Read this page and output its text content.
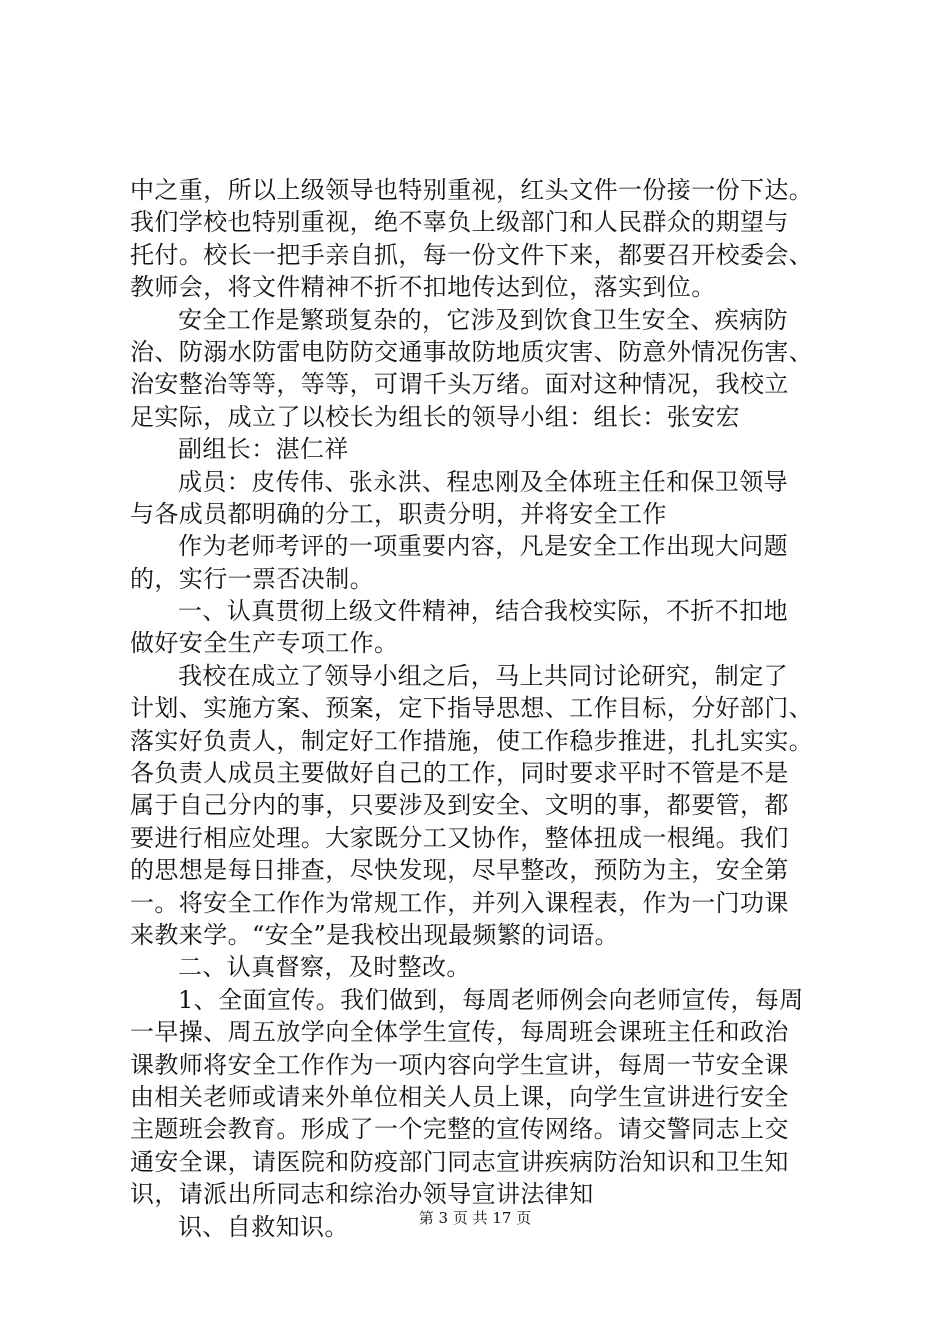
中之重，所以上级领导也特别重视，红头文件一份接一份下达。
我们学校也特别重视，绝不辜负上级部门和人民群众的期望与
托付。校长一把手亲自抓，每一份文件下来，都要召开校委会、
教师会，将文件精神不折不扣地传达到位，落实到位。
安全工作是繁琐复杂的，它涉及到饮食卫生安全、疾病防
治、防溺水防雷电防防交通事故防地质灾害、防意外情况伤害、
治安整治等等，等等，可谓千头万绪。面对这种情况，我校立
足实际，成立了以校长为组长的领导小组：组长：张安宏
副组长：湛仁祥
成员：皮传伟、张永洪、程忠刚及全体班主任和保卫领导
与各成员都明确的分工，职责分明，并将安全工作
作为老师考评的一项重要内容，凡是安全工作出现大问题
的，实行一票否决制。
一、认真贯彻上级文件精神，结合我校实际，不折不扣地
做好安全生产专项工作。
我校在成立了领导小组之后，马上共同讨论研究，制定了
计划、实施方案、预案，定下指导思想、工作目标，分好部门、
落实好负责人，制定好工作措施，使工作稳步推进，扎扎实实。
各负责人成员主要做好自己的工作，同时要求平时不管是不是
属于自己分内的事，只要涉及到安全、文明的事，都要管，都
要进行相应处理。大家既分工又协作，整体扭成一根绳。我们
的思想是每日排查，尽快发现，尽早整改，预防为主，安全第
一。将安全工作作为常规工作，并列入课程表，作为一门功课
来教来学。“安全”是我校出现最频繁的词语。
二、认真督察，及时整改。
1、全面宣传。我们做到，每周老师例会向老师宣传，每周
一早操、周五放学向全体学生宣传，每周班会课班主任和政治
课教师将安全工作作为一项内容向学生宣讲，每周一节安全课
由相关老师或请来外单位相关人员上课，向学生宣讲进行安全
主题班会教育。形成了一个完整的宣传网络。请交警同志上交
通安全课，请医院和防疫部门同志宣讲疾病防治知识和卫生知
识，请派出所同志和综治办领导宣讲法律知
识、自救知识。	第 3 页 共 17 页
